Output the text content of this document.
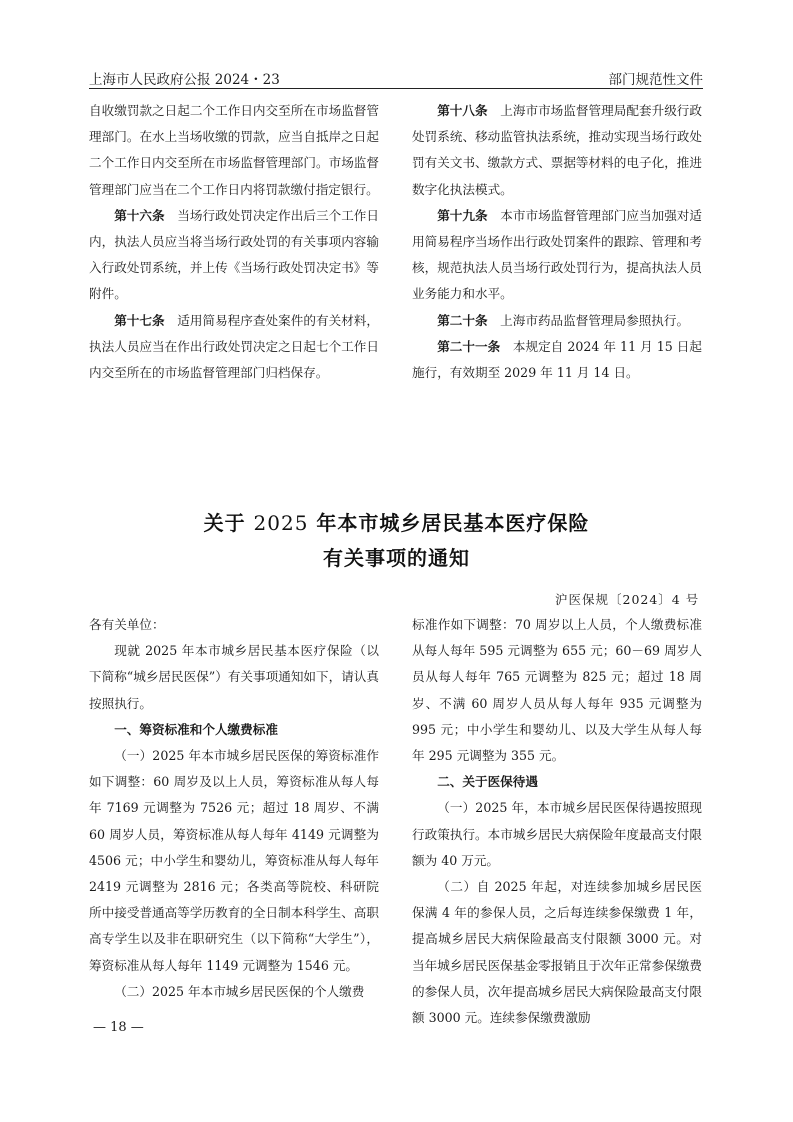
上海市人民政府公报 2024・23	部门规范性文件

自收缴罚款之日起二个工作日内交至所在市场监督管理部门。在水上当场收缴的罚款，应当自抵岸之日起二个工作日内交至所在市场监督管理部门。市场监督管理部门应当在二个工作日内将罚款缴付指定银行。

第十六条 当场行政处罚决定作出后三个工作日内，执法人员应当将当场行政处罚的有关事项内容输入行政处罚系统，并上传《当场行政处罚决定书》等附件。

第十七条 适用简易程序查处案件的有关材料，执法人员应当在作出行政处罚决定之日起七个工作日内交至所在的市场监督管理部门归档保存。

第十八条 上海市市场监督管理局配套升级行政处罚系统、移动监管执法系统，推动实现当场行政处罚有关文书、缴款方式、票据等材料的电子化，推进数字化执法模式。

第十九条 本市市场监督管理部门应当加强对适用简易程序当场作出行政处罚案件的跟踪、管理和考核，规范执法人员当场行政处罚行为，提高执法人员业务能力和水平。

第二十条 上海市药品监督管理局参照执行。

第二十一条 本规定自 2024 年 11 月 15 日起施行，有效期至 2029 年 11 月 14 日。

关于 2025 年本市城乡居民基本医疗保险
有关事项的通知
沪医保规〔2024〕4 号

各有关单位：

现就 2025 年本市城乡居民基本医疗保险（以下简称“城乡居民医保”）有关事项通知如下，请认真按照执行。

一、筹资标准和个人缴费标准

（一）2025 年本市城乡居民医保的筹资标准作如下调整：60 周岁及以上人员，筹资标准从每人每年 7169 元调整为 7526 元；超过 18 周岁、不满 60 周岁人员，筹资标准从每人每年 4149 元调整为 4506 元；中小学生和婴幼儿，筹资标准从每人每年 2419 元调整为 2816 元；各类高等院校、科研院所中接受普通高等学历教育的全日制本科学生、高职高专学生以及非在职研究生（以下简称“大学生”），筹资标准从每人每年 1149 元调整为 1546 元。

（二）2025 年本市城乡居民医保的个人缴费

标准作如下调整：70 周岁以上人员，个人缴费标准从每人每年 595 元调整为 655 元；60－69 周岁人员从每人每年 765 元调整为 825 元；超过 18 周岁、不满 60 周岁人员从每人每年 935 元调整为 995 元；中小学生和婴幼儿、以及大学生从每人每年 295 元调整为 355 元。

二、关于医保待遇

（一）2025 年，本市城乡居民医保待遇按照现行政策执行。本市城乡居民大病保险年度最高支付限额为 40 万元。

（二）自 2025 年起，对连续参加城乡居民医保满 4 年的参保人员，之后每连续参保缴费 1 年，提高城乡居民大病保险最高支付限额 3000 元。对当年城乡居民医保基金零报销且于次年正常参保缴费的参保人员，次年提高城乡居民大病保险最高支付限额 3000 元。连续参保缴费激励

— 18 —
